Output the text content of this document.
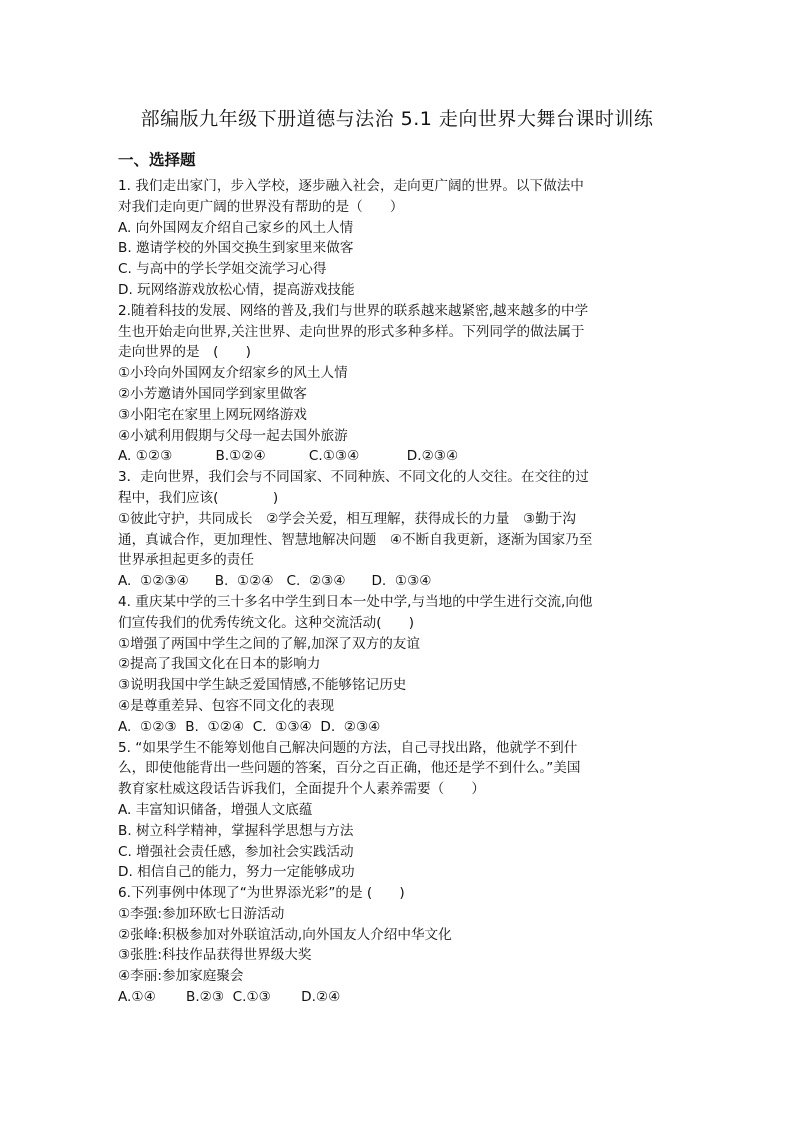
部编版九年级下册道德与法治 5.1 走向世界大舞台课时训练
一、选择题
1. 我们走出家门，步入学校，逐步融入社会，走向更广阔的世界。以下做法中
对我们走向更广阔的世界没有帮助的是（　　）
A. 向外国网友介绍自己家乡的风土人情
B. 邀请学校的外国交换生到家里来做客
C. 与高中的学长学姐交流学习心得
D. 玩网络游戏放松心情，提高游戏技能
2.随着科技的发展、网络的普及,我们与世界的联系越来越紧密,越来越多的中学
生也开始走向世界,关注世界、走向世界的形式多种多样。下列同学的做法属于
走向世界的是　(　　)
①小玲向外国网友介绍家乡的风土人情
②小芳邀请外国同学到家里做客
③小阳宅在家里上网玩网络游戏
④小斌利用假期与父母一起去国外旅游
A. ①②③          B.①②④          C.①③④           D.②③④
3．走向世界，我们会与不同国家、不同种族、不同文化的人交往。在交往的过
程中，我们应该(　　　　)
①彼此守护，共同成长　②学会关爱，相互理解，获得成长的力量　③勤于沟
通，真诚合作，更加理性、智慧地解决问题　④不断自我更新，逐渐为国家乃至
世界承担起更多的责任
A.  ①②③④      B.  ①②④   C.  ②③④      D.  ①③④
4. 重庆某中学的三十多名中学生到日本一处中学,与当地的中学生进行交流,向他
们宣传我们的优秀传统文化。这种交流活动(　　)
①增强了两国中学生之间的了解,加深了双方的友谊
②提高了我国文化在日本的影响力
③说明我国中学生缺乏爱国情感,不能够铭记历史
④是尊重差异、包容不同文化的表现
A.  ①②③  B.  ①②④  C.  ①③④  D.  ②③④
5. “如果学生不能筹划他自己解决问题的方法，自己寻找出路，他就学不到什
么，即使他能背出一些问题的答案，百分之百正确，他还是学不到什么。”美国
教育家杜威这段话告诉我们，全面提升个人素养需要（　　）
A. 丰富知识储备，增强人文底蕴
B. 树立科学精神，掌握科学思想与方法
C. 增强社会责任感，参加社会实践活动
D. 相信自己的能力，努力一定能够成功
6.下列事例中体现了“为世界添光彩”的是 (　　)
①李强:参加环欧七日游活动
②张峰:积极参加对外联谊活动,向外国友人介绍中华文化
③张胜:科技作品获得世界级大奖
④李丽:参加家庭聚会
A.①④       B.②③  C.①③       D.②④
